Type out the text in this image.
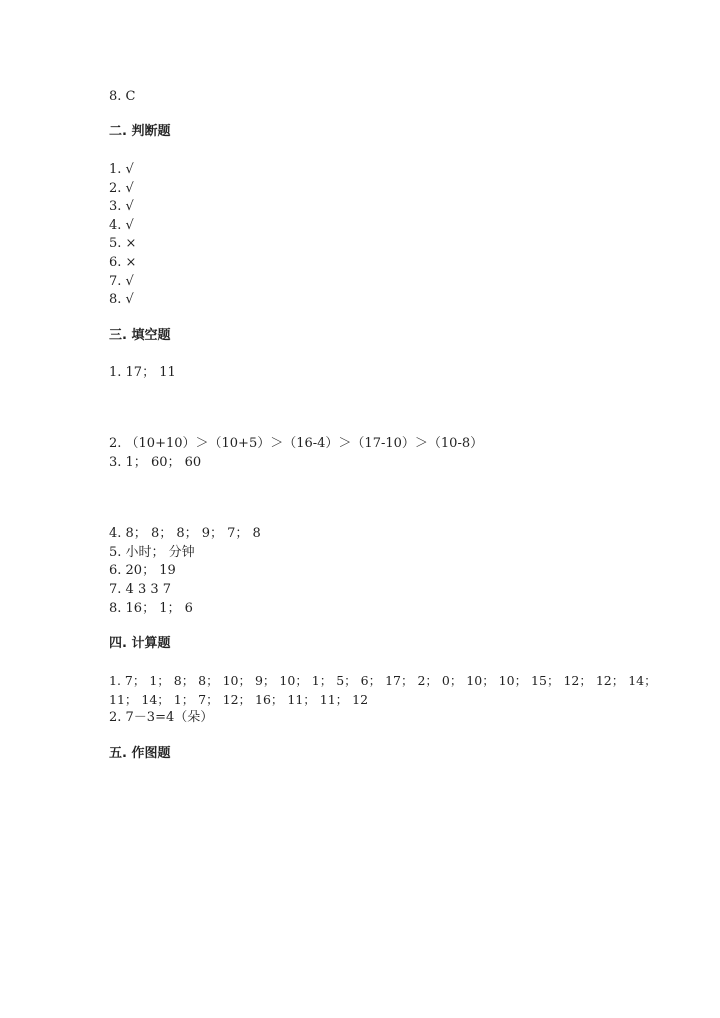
8. C
二. 判断题
1. √
2. √
3. √
4. √
5. ×
6. ×
7. √
8. √
三. 填空题
1. 17； 11
2. （10+10）＞（10+5）＞（16-4）＞（17-10）＞（10-8）
3. 1； 60； 60
4. 8； 8； 8； 9； 7； 8
5. 小时； 分钟
6. 20； 19
7. 4 3 3 7
8. 16； 1； 6
四. 计算题
1. 7； 1； 8； 8； 10； 9； 10； 1； 5； 6； 17； 2； 0； 10； 10； 15； 12； 12； 14；
11； 14； 1； 7； 12； 16； 11； 11； 12
2. 7－3=4（朵）
五. 作图题
